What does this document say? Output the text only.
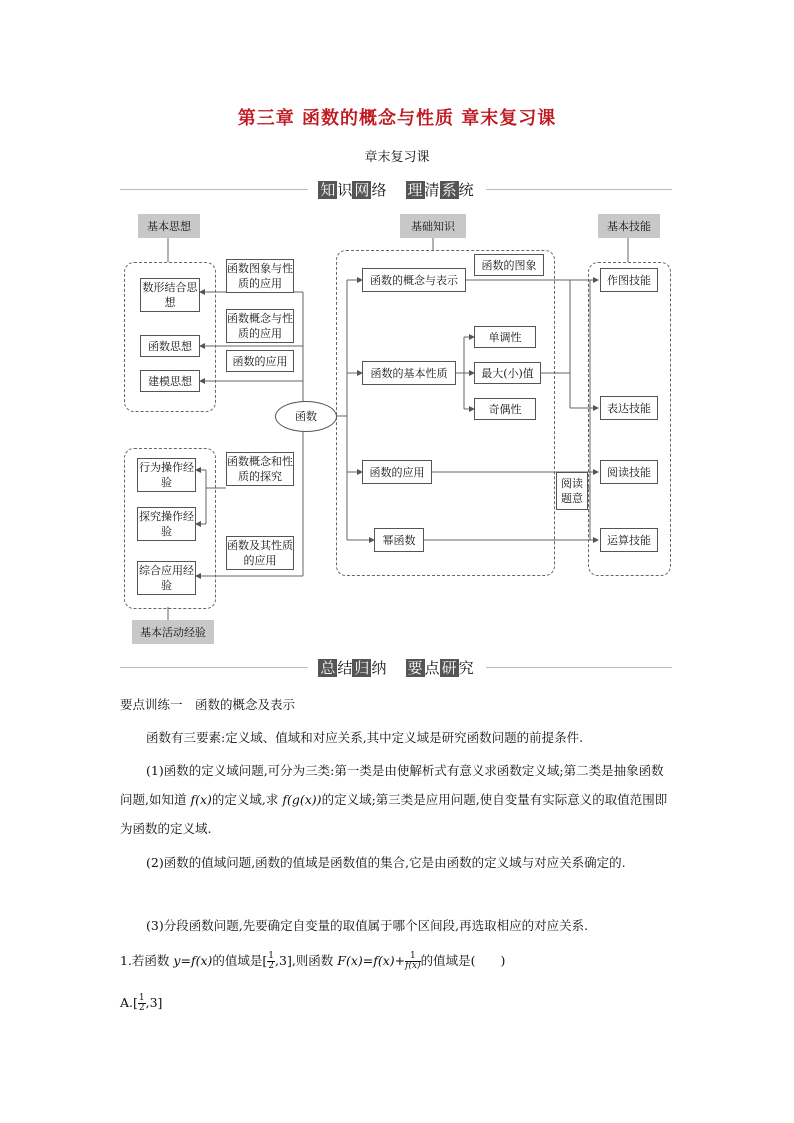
第三章 函数的概念与性质 章末复习课
章末复习课
知 识 网 络 理 清 系 统
基本思想	基础知识	基本技能
基本活动经验
数形结合思想
函数思想
建模思想
行为操作经验
探究操作经验
综合应用经验
函数图象与性质的应用
函数概念与性质的应用
函数的应用
函数概念和性质的探究
函数及其性质的应用
函数
函数的概念与表示
函数的基本性质
函数的应用
幂函数
函数的图象
单调性
最大(小)值
奇偶性
阅读题意
作图技能
表达技能
阅读技能
运算技能
总 结 归 纳 要 点 研 究
要点训练一　函数的概念及表示
函数有三要素:定义域、值域和对应关系,其中定义域是研究函数问题的前提条件.
(1)函数的定义域问题,可分为三类:第一类是由使解析式有意义求函数定义域;第二类是抽象函数问题,如知道 f(x)的定义域,求 f(g(x))的定义域;第三类是应用问题,使自变量有实际意义的取值范围即为函数的定义域.
(2)函数的值域问题,函数的值域是函数值的集合,它是由函数的定义域与对应关系确定的.
(3)分段函数问题,先要确定自变量的取值属于哪个区间段,再选取相应的对应关系.
1.若函数 y=f(x)的值域是[ $\frac{1}{2} ,3$],则函数 $F(x)=f(x)+ \frac{1}{f(x)}$ 的值域是(　　)
$A.[ \frac{1}{2} ,3]$
